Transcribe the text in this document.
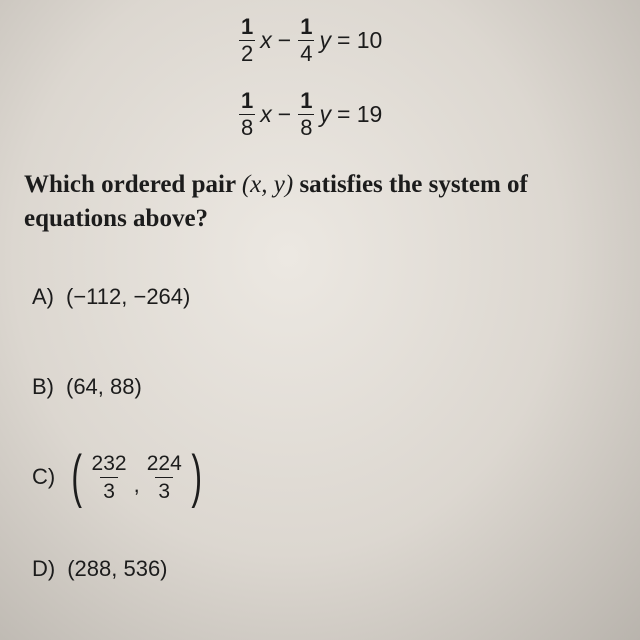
$\frac{1}{2}$ $x - \frac{1}{4}$ y = 10
$\frac{1}{8}$ $x - \frac{1}{8}$ y = 19
Which ordered pair (x, y) satisfies the system of equations above?
A) (−112, −264)
B) (64, 88)
C) ( $\frac{232}{3}$ , $\frac{224}{3}$ )
D) (288, 536)
